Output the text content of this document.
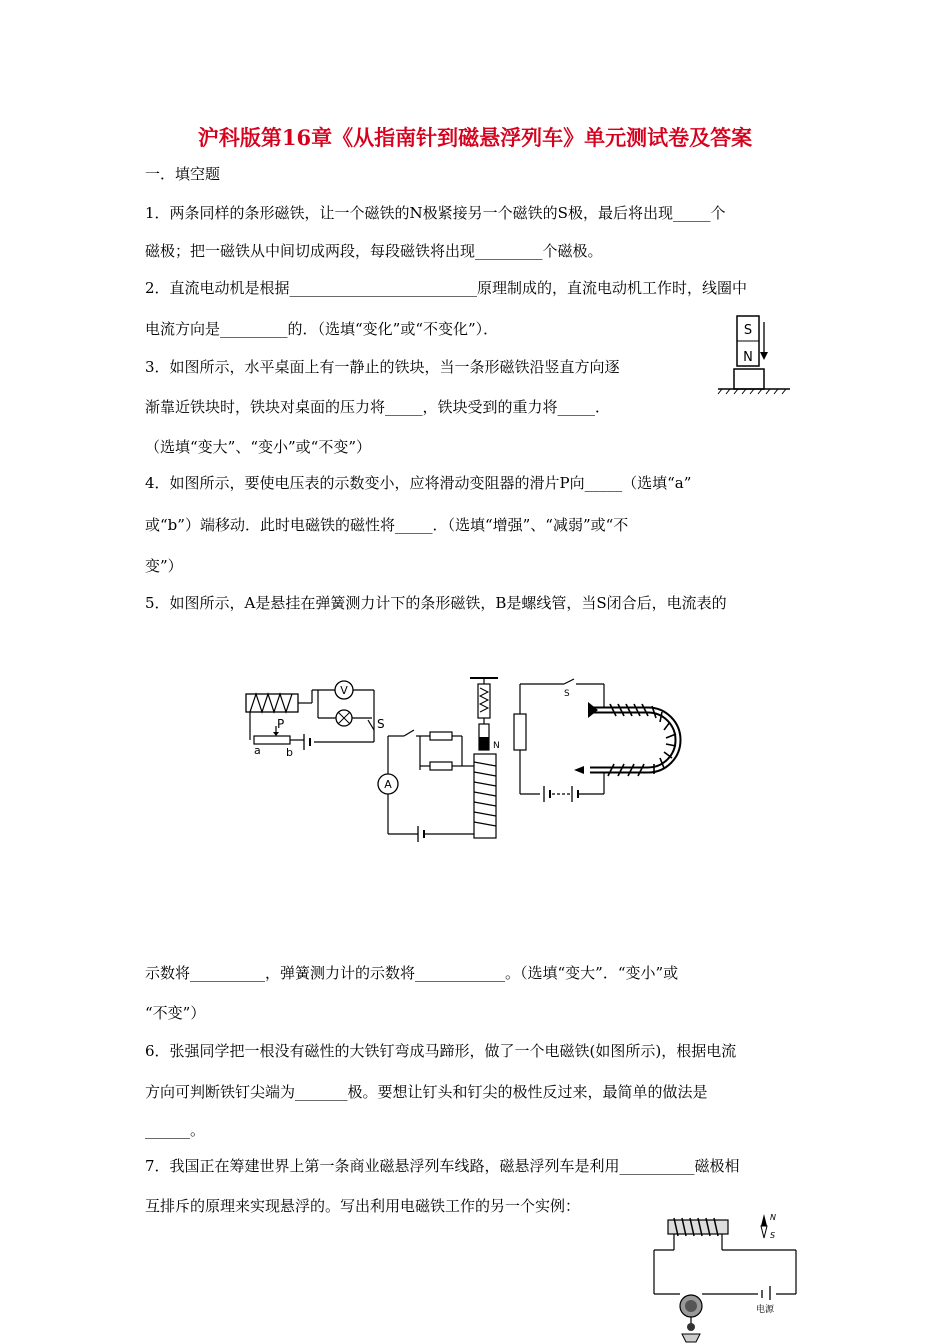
沪科版第16章《从指南针到磁悬浮列车》单元测试卷及答案
一．填空题
1．两条同样的条形磁铁，让一个磁铁的N极紧接另一个磁铁的S极，最后将出现_____个
磁极；把一磁铁从中间切成两段，每段磁铁将出现_________个磁极。
2．直流电动机是根据_________________________原理制成的，直流电动机工作时，线圈中
电流方向是_________的．（选填“变化”或“不变化”）．
3．如图所示，水平桌面上有一静止的铁块，当一条形磁铁沿竖直方向逐
渐靠近铁块时，铁块对桌面的压力将_____，铁块受到的重力将_____．
（选填“变大”、“变小”或“不变”）
4．如图所示，要使电压表的示数变小，应将滑动变阻器的滑片P向_____（选填“a”
或“b”）端移动．此时电磁铁的磁性将_____．（选填“增强”、“减弱”或“不
变”）
5．如图所示，A是悬挂在弹簧测力计下的条形磁铁，B是螺线管，当S闭合后，电流表的
示数将__________，弹簧测力计的示数将____________。（选填“变大”．“变小”或
“不变”）
6．张强同学把一根没有磁性的大铁钉弯成马蹄形，做了一个电磁铁(如图所示)，根据电流
方向可判断铁钉尖端为_______极。要想让钉头和钉尖的极性反过来，最简单的做法是
______。
7．我国正在筹建世界上第一条商业磁悬浮列车线路，磁悬浮列车是利用__________磁极相
互排斥的原理来实现悬浮的。写出利用电磁铁工作的另一个实例：
S
N
V
S
P
a b	N
A
S
N
S
电源
